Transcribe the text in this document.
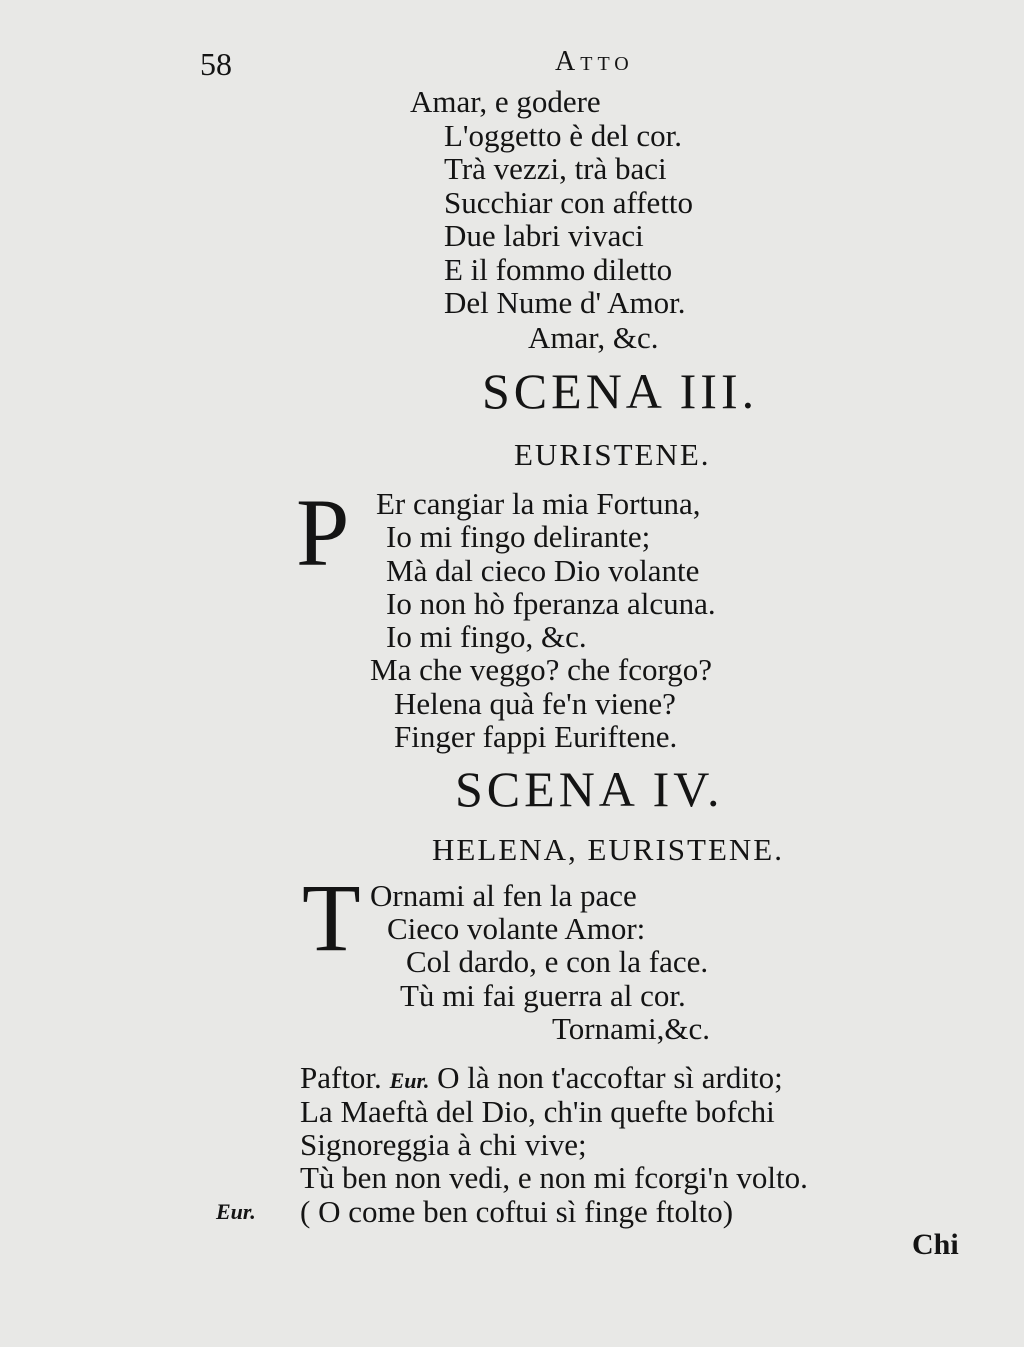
58	Atto
Amar, e godere
L'oggetto è del cor.
Trà vezzi, trà baci
Succhiar con affetto
Due labri vivaci
E il fommo diletto
Del Nume d' Amor.
Amar, &c.
SCENA III.
EURISTENE.
P Er cangiar la mia Fortuna,
Io mi fingo delirante;
Mà dal cieco Dio volante
Io non hò fperanza alcuna.
Io mi fingo, &c.
Ma che veggo? che fcorgo?
Helena quà fe'n viene?
Finger fappi Euriftene.
SCENA IV.
HELENA, EURISTENE.
T Ornami al fen la pace
Cieco volante Amor:
Col dardo, e con la face.
Tù mi fai guerra al cor.
Tornami,&c.
Paftor. Eur. O là non t'accoftar sì ardito;
La Maeftà del Dio, ch'in quefte bofchi
Signoreggia à chi vive;
Tù ben non vedi, e non mi fcorgi'n volto.
Eur. ( O come ben coftui sì finge ftolto)
Chi
